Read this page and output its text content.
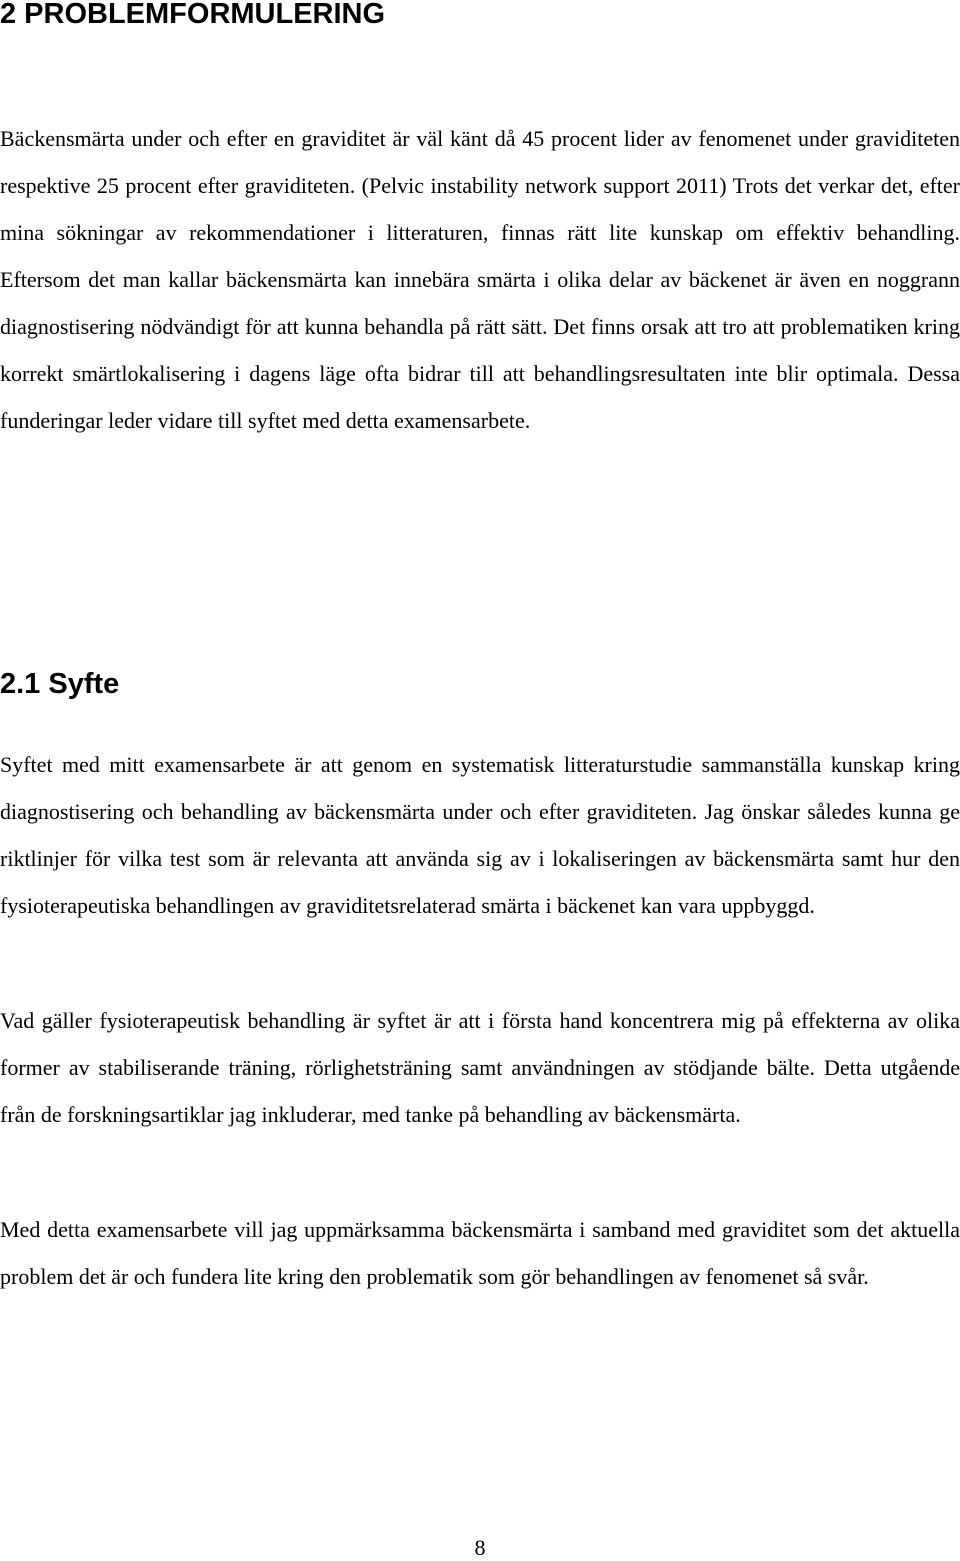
2 PROBLEMFORMULERING

Bäckensmärta under och efter en graviditet är väl känt då 45 procent lider av fenomenet under graviditeten respektive 25 procent efter graviditeten. (Pelvic instability network support 2011) Trots det verkar det, efter mina sökningar av rekommendationer i litteraturen, finnas rätt lite kunskap om effektiv behandling. Eftersom det man kallar bäckensmärta kan innebära smärta i olika delar av bäckenet är även en noggrann diagnostisering nödvändigt för att kunna behandla på rätt sätt. Det finns orsak att tro att problematiken kring korrekt smärtlokalisering i dagens läge ofta bidrar till att behandlingsresultaten inte blir optimala. Dessa funderingar leder vidare till syftet med detta examensarbete.

2.1 Syfte

Syftet med mitt examensarbete är att genom en systematisk litteraturstudie sammanställa kunskap kring diagnostisering och behandling av bäckensmärta under och efter graviditeten. Jag önskar således kunna ge riktlinjer för vilka test som är relevanta att använda sig av i lokaliseringen av bäckensmärta samt hur den fysioterapeutiska behandlingen av graviditetsrelaterad smärta i bäckenet kan vara uppbyggd.

Vad gäller fysioterapeutisk behandling är syftet är att i första hand koncentrera mig på effekterna av olika former av stabiliserande träning, rörlighetsträning samt användningen av stödjande bälte. Detta utgående från de forskningsartiklar jag inkluderar, med tanke på behandling av bäckensmärta.

Med detta examensarbete vill jag uppmärksamma bäckensmärta i samband med graviditet som det aktuella problem det är och fundera lite kring den problematik som gör behandlingen av fenomenet så svår.

8
